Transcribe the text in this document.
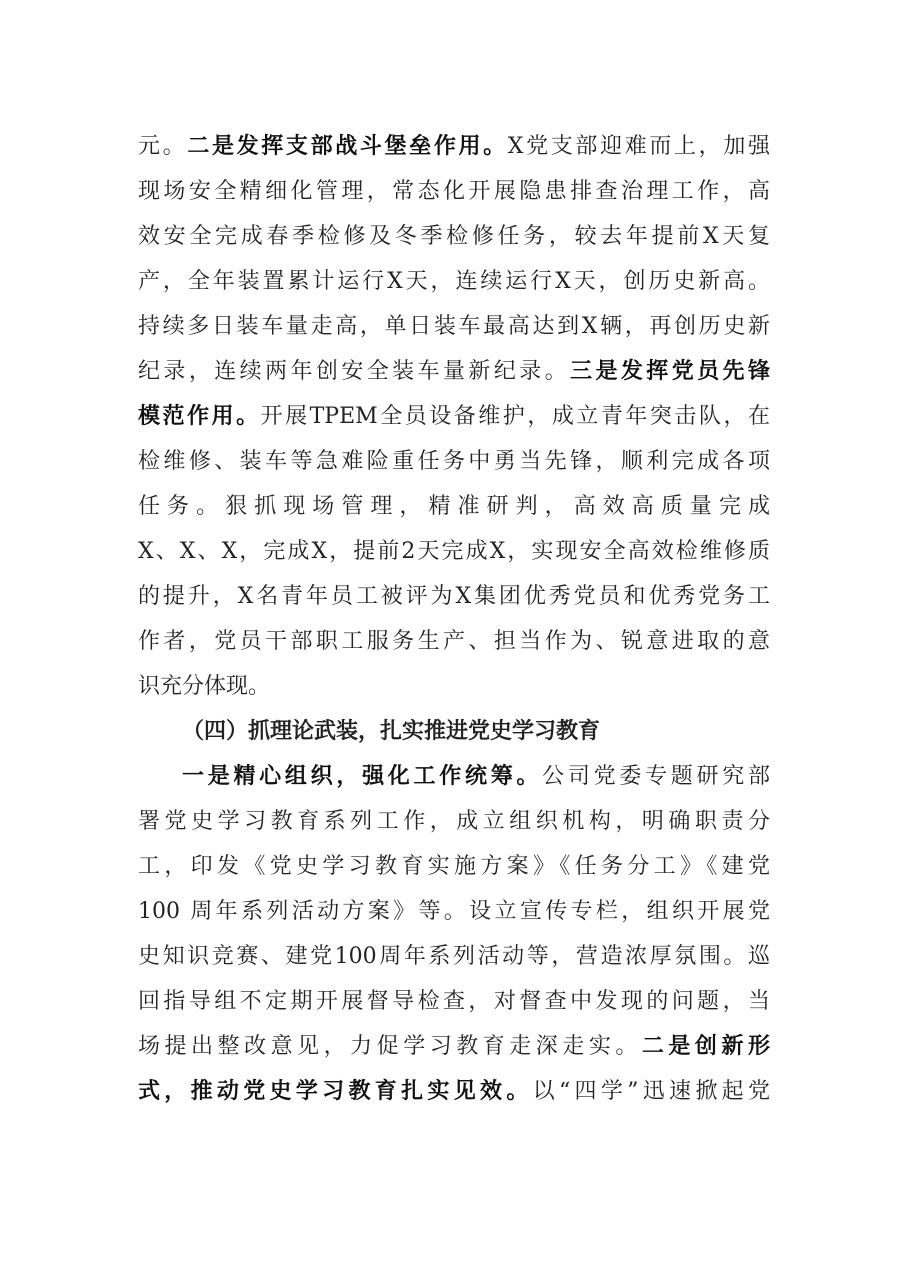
元。二是发挥支部战斗堡垒作用。X党支部迎难而上，加强
现场安全精细化管理，常态化开展隐患排查治理工作，高
效安全完成春季检修及冬季检修任务，较去年提前X天复
产，全年装置累计运行X天，连续运行X天，创历史新高。
持续多日装车量走高，单日装车最高达到X辆，再创历史新
纪录，连续两年创安全装车量新纪录。三是发挥党员先锋
模范作用。开展TPEM全员设备维护，成立青年突击队，在
检维修、装车等急难险重任务中勇当先锋，顺利完成各项
任务。狠抓现场管理，精准研判，高效高质量完成
X、X、X，完成X，提前2天完成X，实现安全高效检维修质
的提升，X名青年员工被评为X集团优秀党员和优秀党务工
作者，党员干部职工服务生产、担当作为、锐意进取的意
识充分体现。
（四）抓理论武装，扎实推进党史学习教育
一是精心组织，强化工作统筹。公司党委专题研究部
署党史学习教育系列工作，成立组织机构，明确职责分
工，印发《党史学习教育实施方案》《任务分工》《建党
100 周年系列活动方案》等。设立宣传专栏，组织开展党
史知识竞赛、建党100周年系列活动等，营造浓厚氛围。巡
回指导组不定期开展督导检查，对督查中发现的问题，当
场提出整改意见，力促学习教育走深走实。二是创新形
式，推动党史学习教育扎实见效。以“四学”迅速掀起党
